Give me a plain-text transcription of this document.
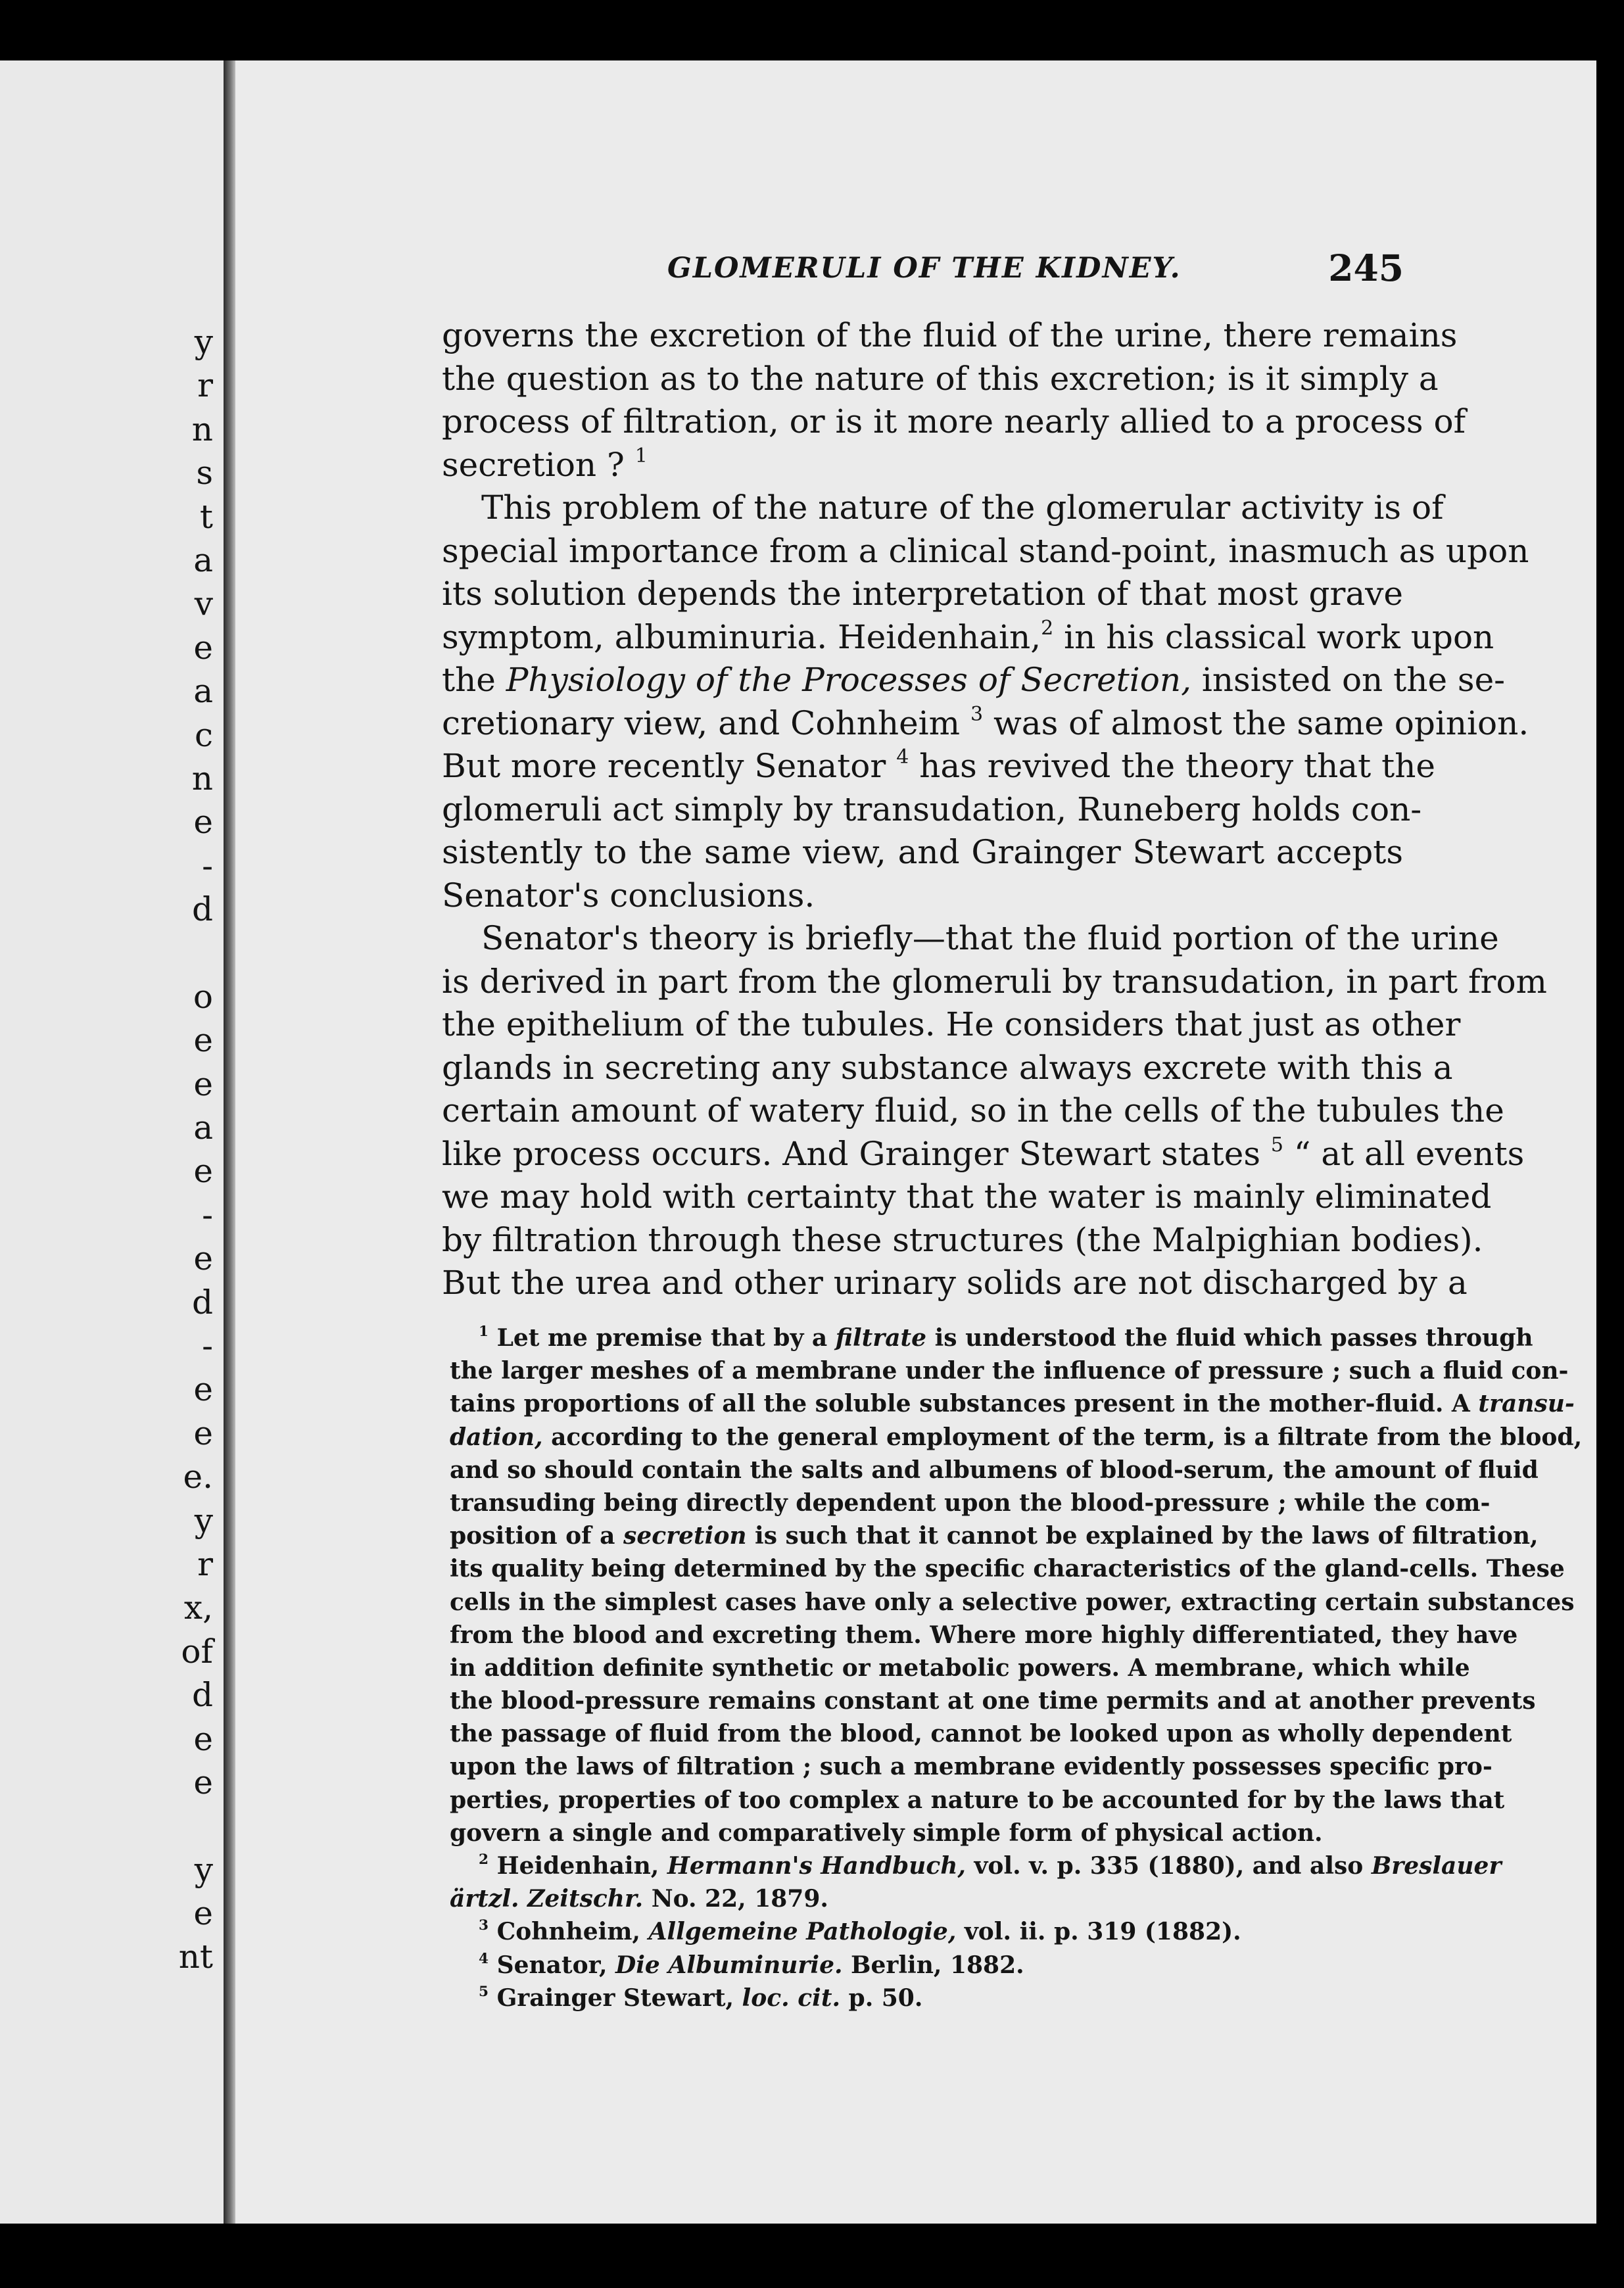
y
r
n
s
t
a
v
e
a
c
n
e
-
d
o
e
e
a
e
-
e
d
-
e
e
e.
y
r
x,
of
d
e
e
y
e
nt
GLOMERULI OF THE KIDNEY.	245
governs the excretion of the fluid of the urine, there remains
the question as to the nature of this excretion; is it simply a
process of filtration, or is it more nearly allied to a process of
secretion ? $^1$
This problem of the nature of the glomerular activity is of
special importance from a clinical stand-point, inasmuch as upon
its solution depends the interpretation of that most grave
symptom, albuminuria. Heidenhain,$^2$ in his classical work upon
the Physiology of the Processes of Secretion, insisted on the se-
cretionary view, and Cohnheim $^3$ was of almost the same opinion.
But more recently Senator $^4$ has revived the theory that the
glomeruli act simply by transudation, Runeberg holds con-
sistently to the same view, and Grainger Stewart accepts
Senator's conclusions.
Senator's theory is briefly—that the fluid portion of the urine
is derived in part from the glomeruli by transudation, in part from
the epithelium of the tubules. He considers that just as other
glands in secreting any substance always excrete with this a
certain amount of watery fluid, so in the cells of the tubules the
like process occurs. And Grainger Stewart states $^5$ “ at all events
we may hold with certainty that the water is mainly eliminated
by filtration through these structures (the Malpighian bodies).
But the urea and other urinary solids are not discharged by a
$^1$ Let me premise that by a filtrate is understood the fluid which passes through
the larger meshes of a membrane under the influence of pressure ; such a fluid con-
tains proportions of all the soluble substances present in the mother-fluid. A transu-
dation, according to the general employment of the term, is a filtrate from the blood,
and so should contain the salts and albumens of blood-serum, the amount of fluid
transuding being directly dependent upon the blood-pressure ; while the com-
position of a secretion is such that it cannot be explained by the laws of filtration,
its quality being determined by the specific characteristics of the gland-cells. These
cells in the simplest cases have only a selective power, extracting certain substances
from the blood and excreting them. Where more highly differentiated, they have
in addition definite synthetic or metabolic powers. A membrane, which while
the blood-pressure remains constant at one time permits and at another prevents
the passage of fluid from the blood, cannot be looked upon as wholly dependent
upon the laws of filtration ; such a membrane evidently possesses specific pro-
perties, properties of too complex a nature to be accounted for by the laws that
govern a single and comparatively simple form of physical action.
$^2$ Heidenhain, Hermann's Handbuch, vol. v. p. 335 (1880), and also Breslauer
ärtzl. Zeitschr. No. 22, 1879.
$^3$ Cohnheim, Allgemeine Pathologie, vol. ii. p. 319 (1882).
$^4$ Senator, Die Albuminurie. Berlin, 1882.
$^5$ Grainger Stewart, loc. cit. p. 50.
